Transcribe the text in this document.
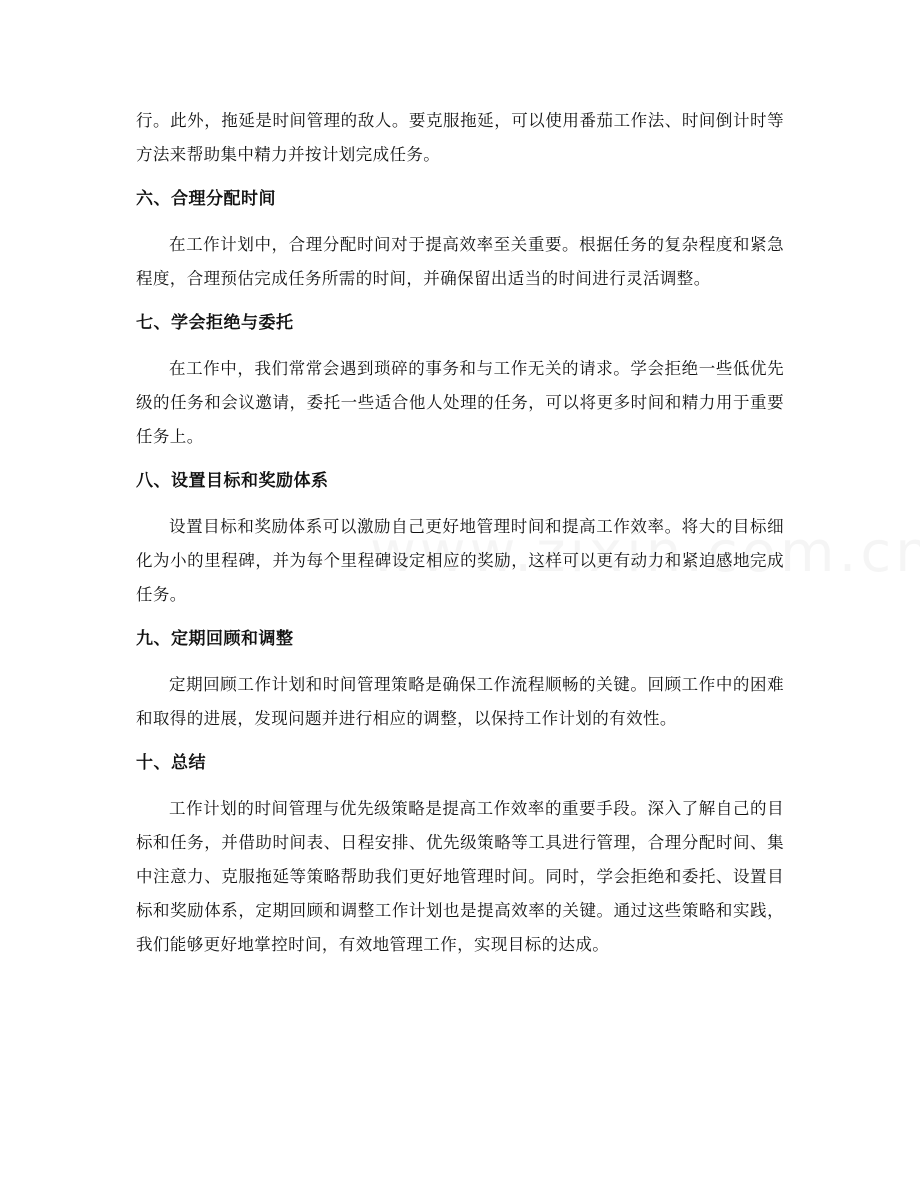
行。此外，拖延是时间管理的敌人。要克服拖延，可以使用番茄工作法、时间倒计时等方法来帮助集中精力并按计划完成任务。

六、合理分配时间

在工作计划中，合理分配时间对于提高效率至关重要。根据任务的复杂程度和紧急程度，合理预估完成任务所需的时间，并确保留出适当的时间进行灵活调整。

七、学会拒绝与委托

在工作中，我们常常会遇到琐碎的事务和与工作无关的请求。学会拒绝一些低优先级的任务和会议邀请，委托一些适合他人处理的任务，可以将更多时间和精力用于重要任务上。

八、设置目标和奖励体系

设置目标和奖励体系可以激励自己更好地管理时间和提高工作效率。将大的目标细化为小的里程碑，并为每个里程碑设定相应的奖励，这样可以更有动力和紧迫感地完成任务。

九、定期回顾和调整

定期回顾工作计划和时间管理策略是确保工作流程顺畅的关键。回顾工作中的困难和取得的进展，发现问题并进行相应的调整，以保持工作计划的有效性。

十、总结

工作计划的时间管理与优先级策略是提高工作效率的重要手段。深入了解自己的目标和任务，并借助时间表、日程安排、优先级策略等工具进行管理，合理分配时间、集中注意力、克服拖延等策略帮助我们更好地管理时间。同时，学会拒绝和委托、设置目标和奖励体系，定期回顾和调整工作计划也是提高效率的关键。通过这些策略和实践，我们能够更好地掌控时间，有效地管理工作，实现目标的达成。
